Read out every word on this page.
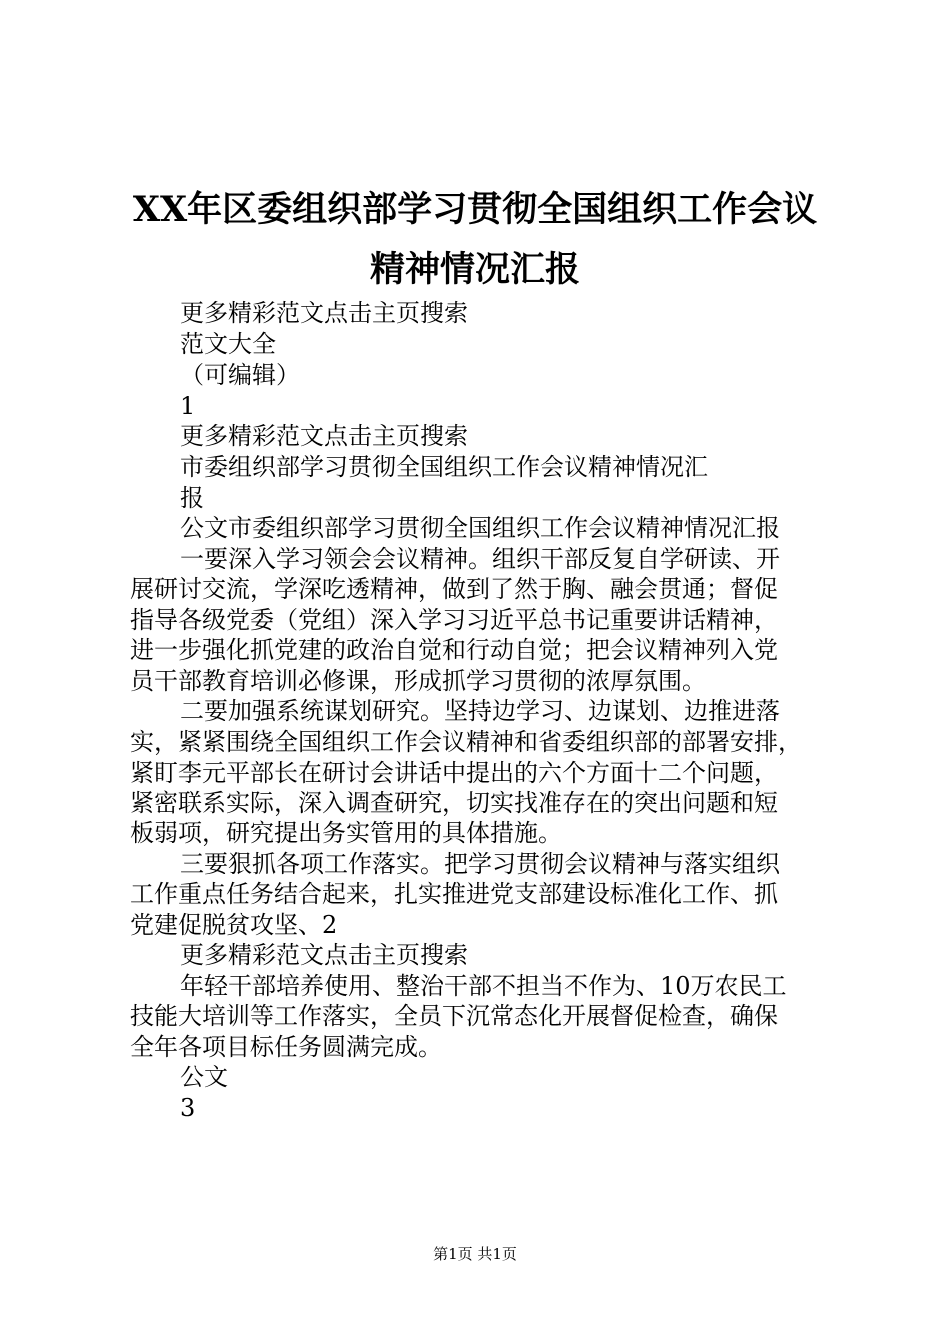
XX年区委组织部学习贯彻全国组织工作会议
精神情况汇报
更多精彩范文点击主页搜索
范文大全
（可编辑）
1
更多精彩范文点击主页搜索
市委组织部学习贯彻全国组织工作会议精神情况汇
报
公文市委组织部学习贯彻全国组织工作会议精神情况汇报
一要深入学习领会会议精神。组织干部反复自学研读、开
展研讨交流，学深吃透精神，做到了然于胸、融会贯通；督促
指导各级党委（党组）深入学习习近平总书记重要讲话精神，
进一步强化抓党建的政治自觉和行动自觉；把会议精神列入党
员干部教育培训必修课，形成抓学习贯彻的浓厚氛围。
二要加强系统谋划研究。坚持边学习、边谋划、边推进落
实，紧紧围绕全国组织工作会议精神和省委组织部的部署安排，
紧盯李元平部长在研讨会讲话中提出的六个方面十二个问题，
紧密联系实际，深入调查研究，切实找准存在的突出问题和短
板弱项，研究提出务实管用的具体措施。
三要狠抓各项工作落实。把学习贯彻会议精神与落实组织
工作重点任务结合起来，扎实推进党支部建设标准化工作、抓
党建促脱贫攻坚、2
更多精彩范文点击主页搜索
年轻干部培养使用、整治干部不担当不作为、10万农民工
技能大培训等工作落实，全员下沉常态化开展督促检查，确保
全年各项目标任务圆满完成。
公文
3
第1页 共1页
